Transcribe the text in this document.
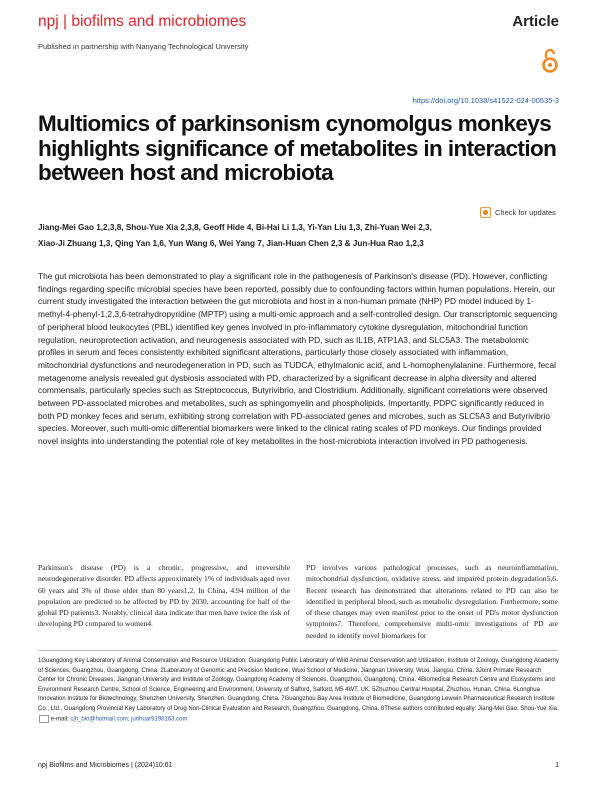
npj | biofilms and microbiomes	Article
Published in partnership with Nanyang Technological University
https://doi.org/10.1038/s41522-024-00535-3
Multiomics of parkinsonism cynomolgus monkeys highlights significance of metabolites in interaction between host and microbiota
Check for updates
Jiang-Mei Gao 1,2,3,8, Shou-Yue Xia 2,3,8, Geoff Hide 4, Bi-Hai Li 1,3, Yi-Yan Liu 1,3, Zhi-Yuan Wei 2,3,
Xiao-Ji Zhuang 1,3, Qing Yan 1,6, Yun Wang 6, Wei Yang 7, Jian-Huan Chen 2,3 & Jun-Hua Rao 1,2,3
The gut microbiota has been demonstrated to play a significant role in the pathogenesis of Parkinson's disease (PD). However, conflicting findings regarding specific microbial species have been reported, possibly due to confounding factors within human populations. Herein, our current study investigated the interaction between the gut microbiota and host in a non-human primate (NHP) PD model induced by 1-methyl-4-phenyl-1,2,3,6-tetrahydropyridine (MPTP) using a multi-omic approach and a self-controlled design. Our transcriptomic sequencing of peripheral blood leukocytes (PBL) identified key genes involved in pro-inflammatory cytokine dysregulation, mitochondrial function regulation, neuroprotection activation, and neurogenesis associated with PD, such as IL1B, ATP1A3, and SLC5A3. The metabolomic profiles in serum and feces consistently exhibited significant alterations, particularly those closely associated with inflammation, mitochondrial dysfunctions and neurodegeneration in PD, such as TUDCA, ethylmalonic acid, and L-homophenylalanine. Furthermore, fecal metagenome analysis revealed gut dysbiosis associated with PD, characterized by a significant decrease in alpha diversity and altered commensals, particularly species such as Streptococcus, Butyrivibrio, and Clostridium. Additionally, significant correlations were observed between PD-associated microbes and metabolites, such as sphingomyelin and phospholipids. Importantly, PDPC significantly reduced in both PD monkey feces and serum, exhibiting strong correlation with PD-associated genes and microbes, such as SLC5A3 and Butyrivibrio species. Moreover, such multi-omic differential biomarkers were linked to the clinical rating scales of PD monkeys. Our findings provided novel insights into understanding the potential role of key metabolites in the host-microbiota interaction involved in PD pathogenesis.
Parkinson's disease (PD) is a chronic, progressive, and irreversible neurodegenerative disorder. PD affects approximately 1% of individuals aged over 60 years and 3% of those older than 80 years1,2. In China, 4.94 million of the population are predicted to be affected by PD by 2030, accounting for half of the global PD patients3. Notably, clinical data indicate that men have twice the risk of developing PD compared to women4.
PD involves various pathological processes, such as neuroinflammation, mitochondrial dysfunction, oxidative stress, and impaired protein degradation5,6. Recent research has demonstrated that alterations related to PD can also be identified in peripheral blood, such as metabolic dysregulation. Furthermore, some of these changes may even manifest prior to the onset of PD's motor dysfunction symptoms7. Therefore, comprehensive multi-omic investigations of PD are needed to identify novel biomarkers for
1Guangdong Key Laboratory of Animal Conservation and Resource Utilization, Guangdong Public Laboratory of Wild Animal Conservation and Utilization, Institute of Zoology, Guangdong Academy of Sciences, Guangzhou, Guangdong, China. 2Laboratory of Genomic and Precision Medicine, Wuxi School of Medicine, Jiangnan University, Wuxi, Jiangsu, China. 3Joint Primate Research Center for Chronic Diseases, Jiangnan University and Institute of Zoology, Guangdong Academy of Sciences, Guangzhou, Guangdong, China. 4Biomedical Research Centre and Ecosystems and Environment Research Centre, School of Science, Engineering and Environment, University of Salford, Salford, M5 4WT, UK. 5Zhuzhou Central Hospital, Zhuzhou, Hunan, China. 6Longhua Innovation Institute for Biotechnology, Shenzhen University, Shenzhen, Guangdong, China. 7Guangzhou Bay Area Institute of Biomedicine, Guangdong Lewwin Pharmaceutical Research Institute Co., Ltd., Guangdong Provincial Key Laboratory of Drug Non-Clinical Evaluation and Research, Guangzhou, Guangdong, China. 8These authors contributed equally: Jiang-Mei Gao, Shou-Yue Xia.  e-mail: cjh_bio@hotmail.com; junhuar9198163.com
npj Biofilms and Microbiomes | (2024)10:61	1
